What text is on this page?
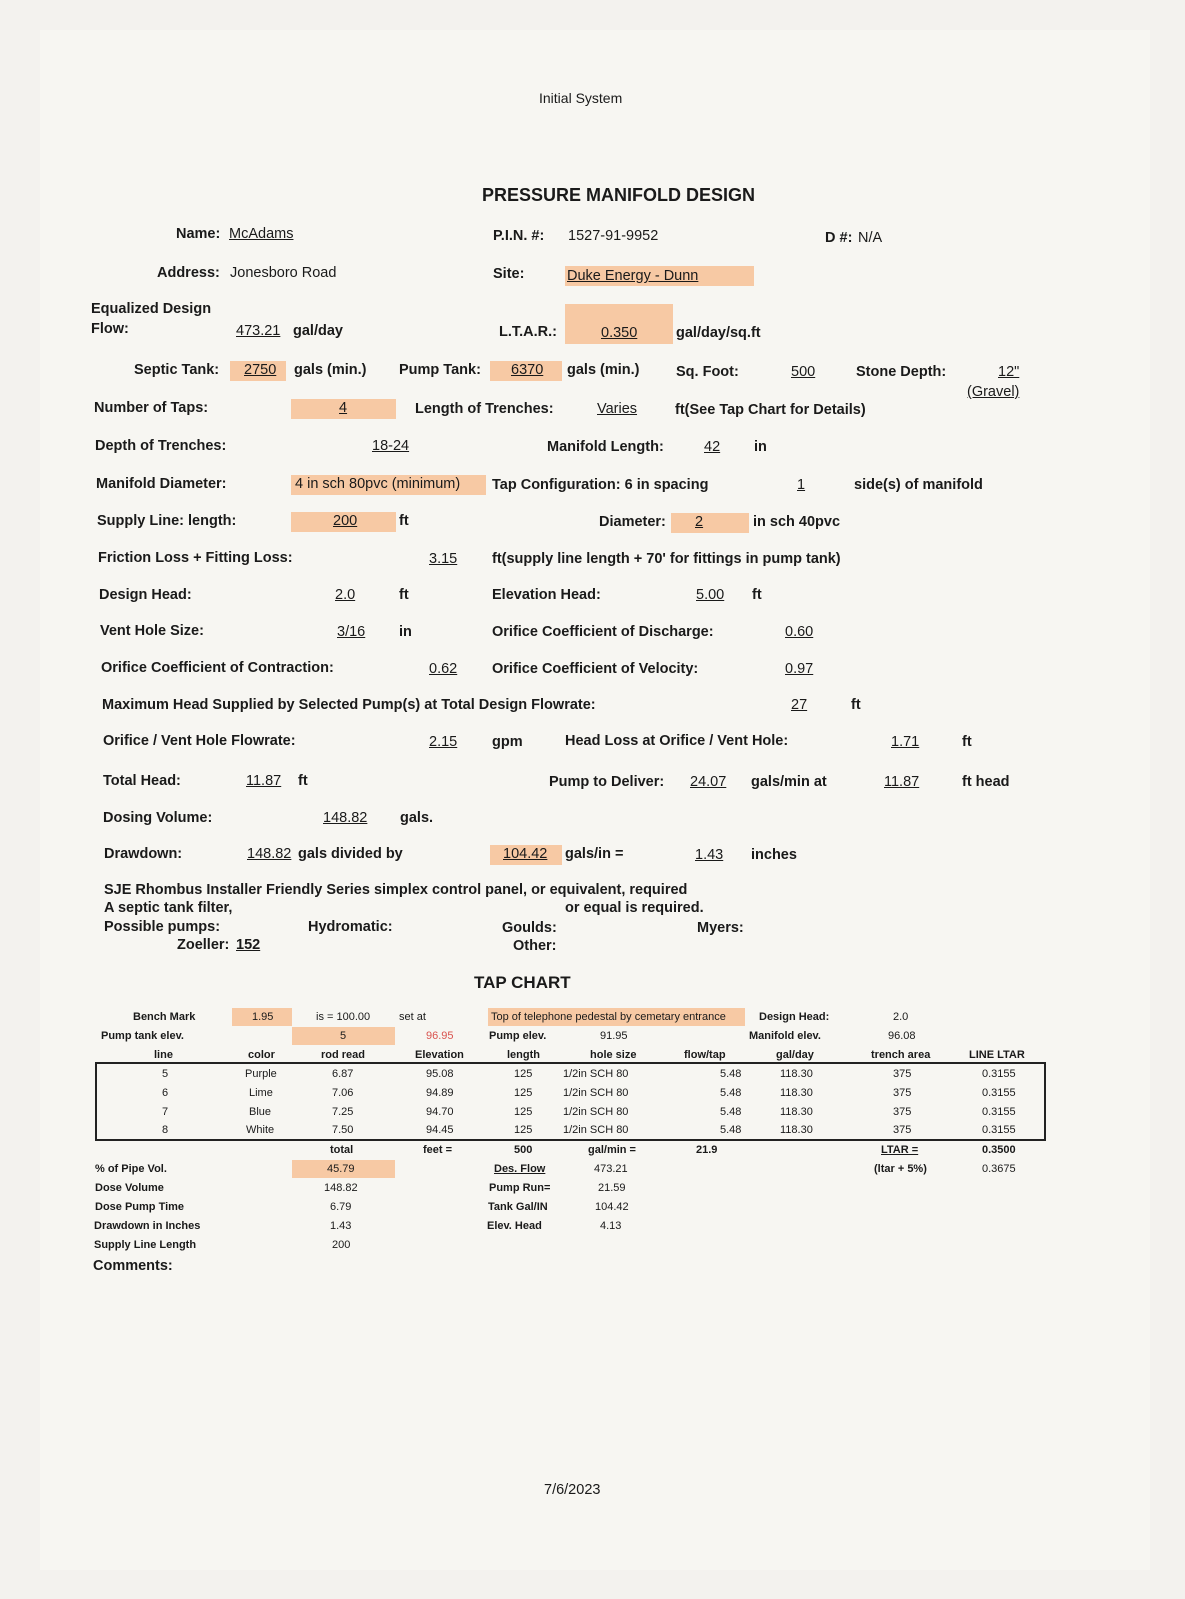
Initial System
PRESSURE MANIFOLD DESIGN
Name: McAdams	P.I.N. #: 1527-91-9952	D #: N/A
Address: Jonesboro Road	Site:	Duke Energy - Dunn
Equalized Design
Flow:	473.21 gal/day	L.T.A.R.:	0.350	gal/day/sq.ft
Septic Tank: 2750 gals (min.) Pump Tank: 6370 gals (min.)	Sq. Foot:	500	Stone Depth:	12"
(Gravel)
Number of Taps:	4	Length of Trenches:	Varies	ft(See Tap Chart for Details)
Depth of Trenches:	18-24	Manifold Length:	42 in
Manifold Diameter:	4 in sch 80pvc (minimum) Tap Configuration: 6 in spacing	1	side(s) of manifold
Supply Line: length:	200	ft	Diameter: 2	in sch 40pvc
Friction Loss + Fitting Loss:	3.15 ft(supply line length + 70' for fittings in pump tank)
Design Head:	2.0	ft	Elevation Head:	5.00 ft
Vent Hole Size:	3/16 in	Orifice Coefficient of Discharge:	0.60
Orifice Coefficient of Contraction:	0.62 Orifice Coefficient of Velocity:	0.97
Maximum Head Supplied by Selected Pump(s) at Total Design Flowrate:	27	ft
Orifice / Vent Hole Flowrate:	2.15 gpm	Head Loss at Orifice / Vent Hole:	1.71	ft
Total Head:	11.87 ft	Pump to Deliver: 24.07 gals/min at	11.87	ft head
Dosing Volume:	148.82 gals.
Drawdown:	148.82 gals divided by	104.42 gals/in =	1.43 inches
SJE Rhombus Installer Friendly Series simplex control panel, or equivalent, required
A septic tank filter,	or equal is required.
Possible pumps:	Hydromatic:	Goulds:	Myers:
Zoeller: 152	Other:
TAP CHART
Bench Mark	1.95	is = 100.00	set at	Top of telephone pedestal by cemetary entrance	Design Head:	2.0
Pump tank elev.	5	96.95	Pump elev.	91.95	Manifold elev.	96.08
line	color	rod read	Elevation	length	hole size	flow/tap	gal/day	trench area	LINE LTAR
5	Purple	6.87	95.08	125	1/2in SCH 80	5.48	118.30	375	0.3155
6	Lime	7.06	94.89	125	1/2in SCH 80	5.48	118.30	375	0.3155
7	Blue	7.25	94.70	125	1/2in SCH 80	5.48	118.30	375	0.3155
8	White	7.50	94.45	125	1/2in SCH 80	5.48	118.30	375	0.3155
total	feet =	500	gal/min =	21.9	LTAR =	0.3500
% of Pipe Vol.	45.79
Dose Volume	148.82
Dose Pump Time	6.79
Drawdown in Inches	1.43
Supply Line Length	200
Des. Flow	473.21
Pump Run=	21.59
Tank Gal/IN	104.42
Elev. Head	4.13
(ltar + 5%)	0.3675
Comments:
7/6/2023
